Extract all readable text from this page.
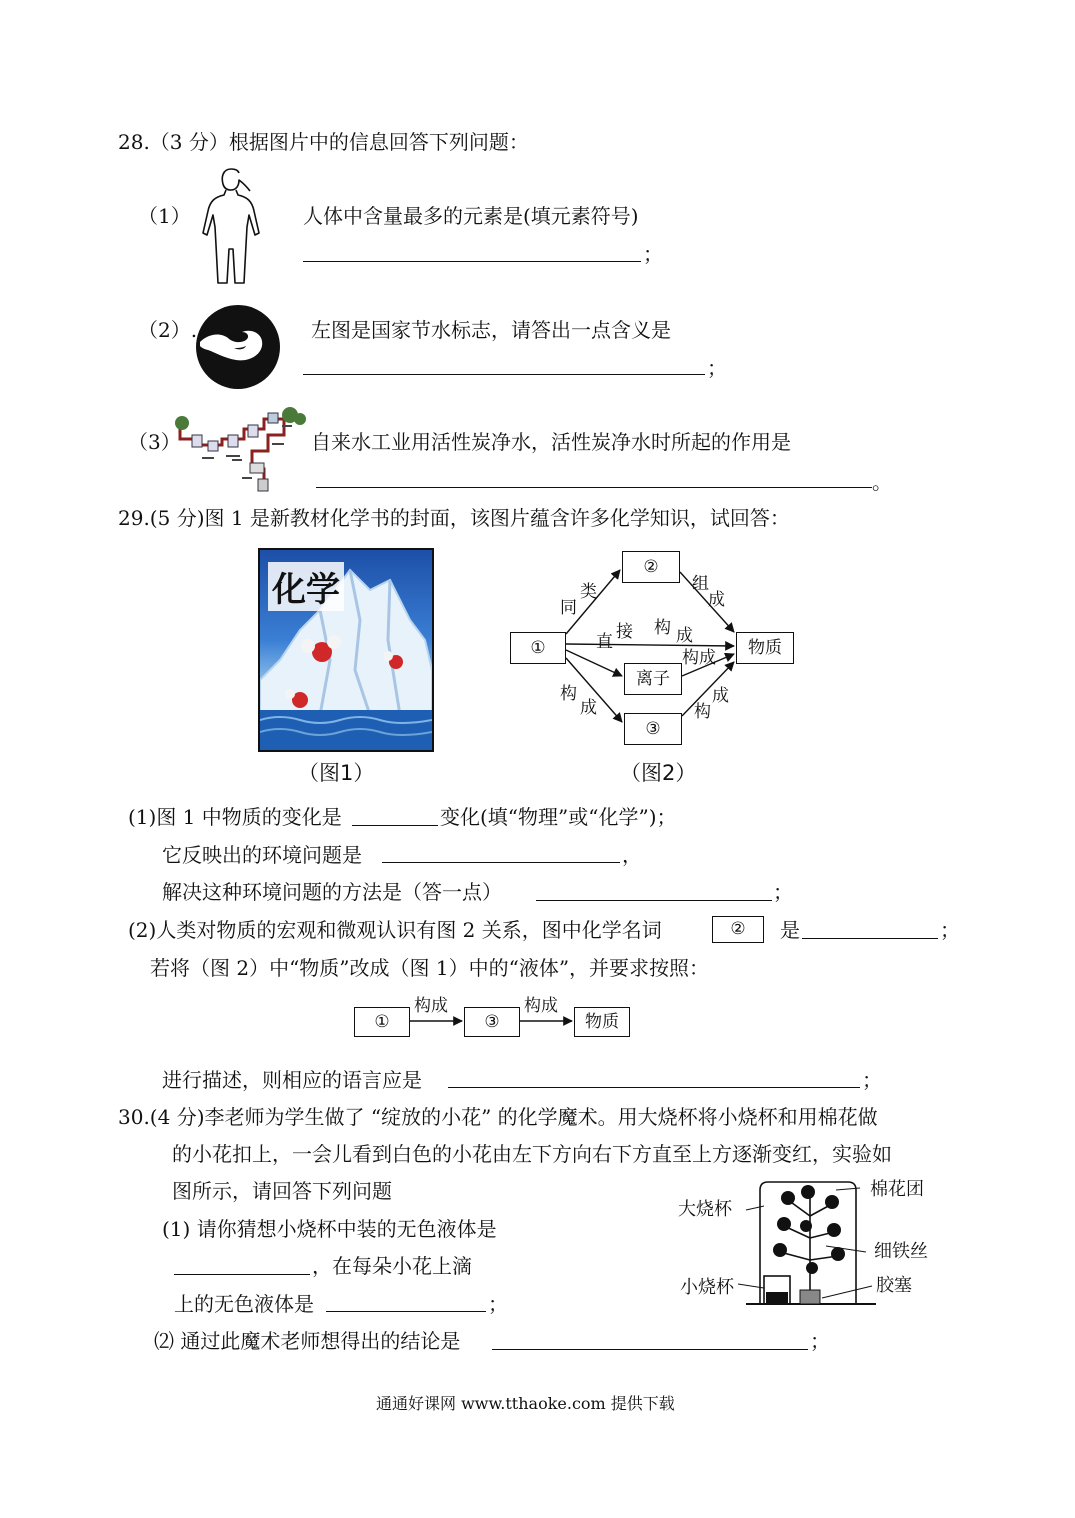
28.（3 分）根据图片中的信息回答下列问题：
（1）	人体中含量最多的元素是(填元素符号)
；
（2）.	左图是国家节水标志，请答出一点含义是
；
（3）	自来水工业用活性炭净水，活性炭净水时所起的作用是
。
29.(5 分)图 1 是新教材化学书的封面，该图片蕴含许多化学知识，试回答：
化学
（图1）
①
②
离子
③
物质
同
类	组
成
直 接 构 成
构成
构
成	构
成
（图2）
(1)图 1 中物质的变化是	变化(填“物理”或“化学”)；
它反映出的环境问题是	，
解决这种环境问题的方法是（答一点）	；
(2)人类对物质的宏观和微观认识有图 2 关系，图中化学名词	②	是	；
若将（图 2）中“物质”改成（图 1）中的“液体”，并要求按照：
①
构成
③
构成
物质
进行描述，则相应的语言应是	；
30.(4 分)李老师为学生做了 “绽放的小花” 的化学魔术。用大烧杯将小烧杯和用棉花做
的小花扣上，一会儿看到白色的小花由左下方向右下方直至上方逐渐变红，实验如
图所示，请回答下列问题
(1) 请你猜想小烧杯中装的无色液体是
，在每朵小花上滴
上的无色液体是	；
⑵ 通过此魔术老师想得出的结论是	；
大烧杯
棉花团
细铁丝
小烧杯	胶塞
通通好课网 www.tthaoke.com 提供下载
